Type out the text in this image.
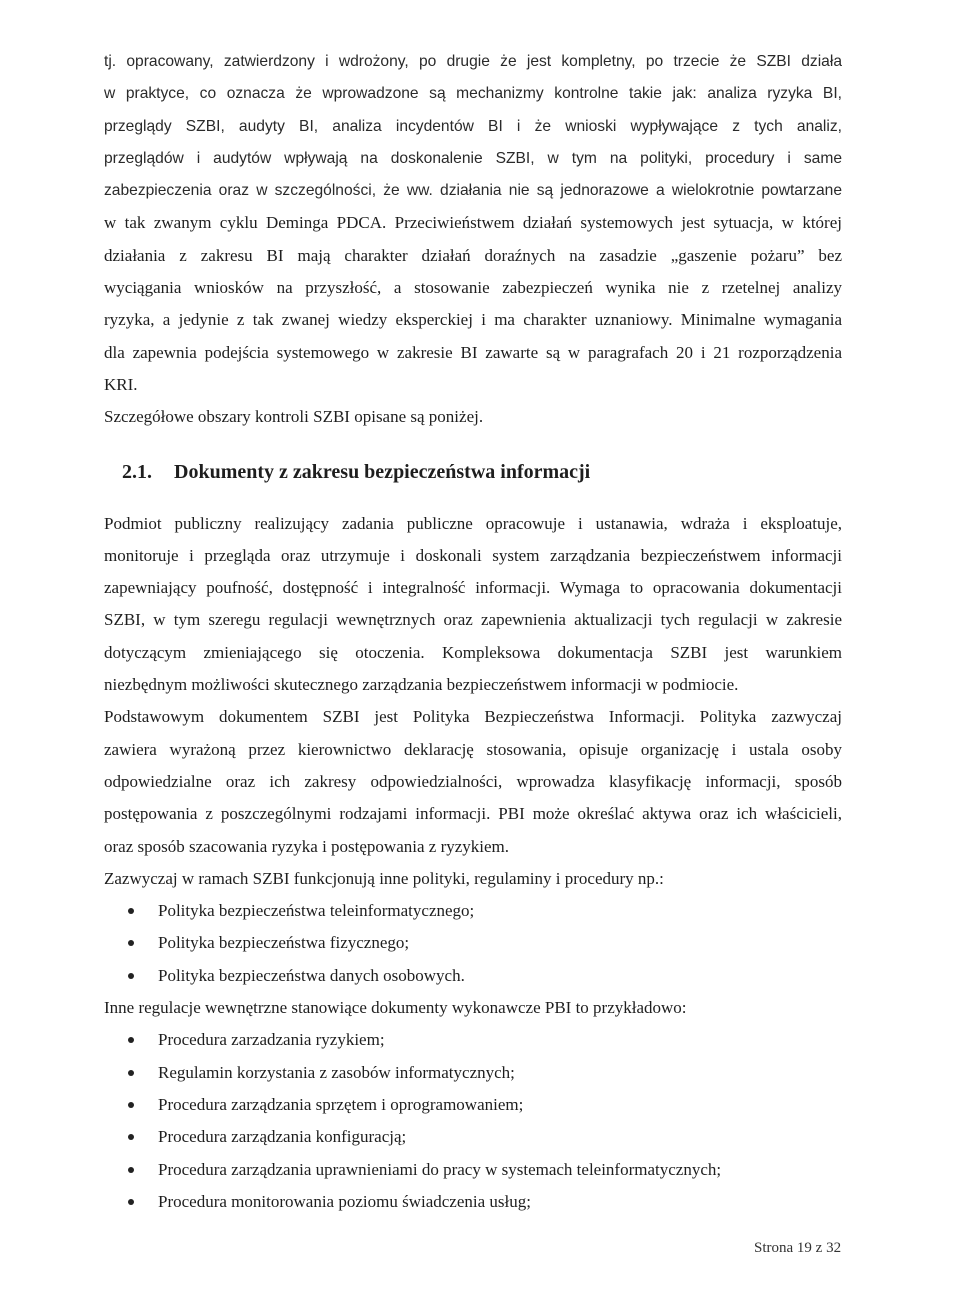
tj. opracowany, zatwierdzony i wdrożony, po drugie że jest kompletny, po trzecie że SZBI działa
w praktyce, co oznacza że wprowadzone są mechanizmy kontrolne takie jak: analiza ryzyka BI,
przeglądy SZBI, audyty BI, analiza incydentów BI i że wnioski wypływające z tych analiz,
przeglądów i audytów wpływają na doskonalenie SZBI, w tym na polityki, procedury i same
zabezpieczenia oraz w szczególności, że ww. działania nie są jednorazowe a wielokrotnie powtarzane
w tak zwanym cyklu Deminga PDCA. Przeciwieństwem działań systemowych jest sytuacja, w której
działania z zakresu BI mają charakter działań doraźnych na zasadzie „gaszenie pożaru” bez
wyciągania wniosków na przyszłość, a stosowanie zabezpieczeń wynika nie z rzetelnej analizy
ryzyka, a jedynie z tak zwanej wiedzy eksperckiej i ma charakter uznaniowy. Minimalne wymagania
dla zapewnia podejścia systemowego w zakresie BI zawarte są w paragrafach 20 i 21 rozporządzenia
KRI.
Szczegółowe obszary kontroli SZBI opisane są poniżej.
2.1. Dokumenty z zakresu bezpieczeństwa informacji
Podmiot publiczny realizujący zadania publiczne opracowuje i ustanawia, wdraża i eksploatuje,
monitoruje i przegląda oraz utrzymuje i doskonali system zarządzania bezpieczeństwem informacji
zapewniający poufność, dostępność i integralność informacji. Wymaga to opracowania dokumentacji
SZBI, w tym szeregu regulacji wewnętrznych oraz zapewnienia aktualizacji tych regulacji w zakresie
dotyczącym zmieniającego się otoczenia. Kompleksowa dokumentacja SZBI jest warunkiem
niezbędnym możliwości skutecznego zarządzania bezpieczeństwem informacji w podmiocie.
Podstawowym dokumentem SZBI jest Polityka Bezpieczeństwa Informacji. Polityka zazwyczaj
zawiera wyrażoną przez kierownictwo deklarację stosowania, opisuje organizację i ustala osoby
odpowiedzialne oraz ich zakresy odpowiedzialności, wprowadza klasyfikację informacji, sposób
postępowania z poszczególnymi rodzajami informacji. PBI może określać aktywa oraz ich właścicieli,
oraz sposób szacowania ryzyka i postępowania z ryzykiem.
Zazwyczaj w ramach SZBI funkcjonują inne polityki, regulaminy i procedury np.:
Polityka bezpieczeństwa teleinformatycznego;
Polityka bezpieczeństwa fizycznego;
Polityka bezpieczeństwa danych osobowych.
Inne regulacje wewnętrzne stanowiące dokumenty wykonawcze PBI to przykładowo:
Procedura zarzadzania ryzykiem;
Regulamin korzystania z zasobów informatycznych;
Procedura zarządzania sprzętem i oprogramowaniem;
Procedura zarządzania konfiguracją;
Procedura zarządzania uprawnieniami do pracy w systemach teleinformatycznych;
Procedura monitorowania poziomu świadczenia usług;
Strona 19 z 32
